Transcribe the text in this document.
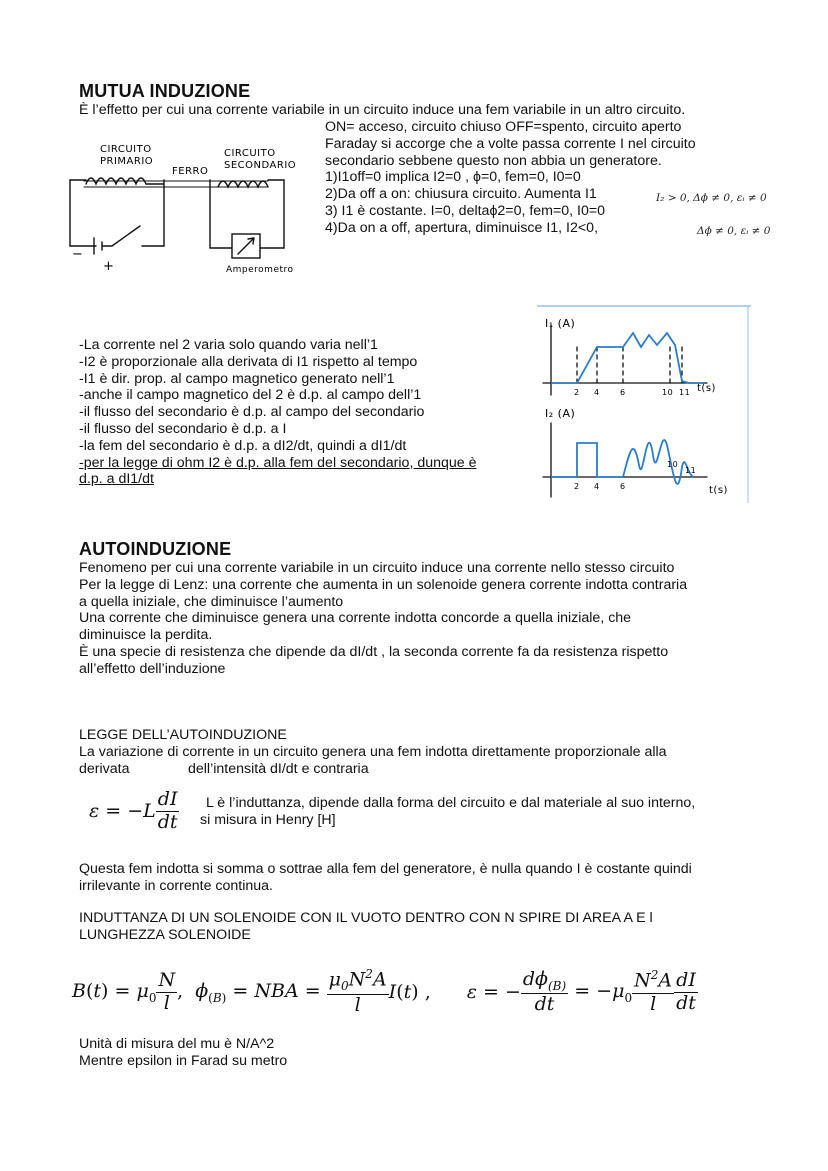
MUTUA INDUZIONE
È l’effetto per cui una corrente variabile in un circuito induce una fem variabile in un altro circuito.
ON= acceso, circuito chiuso OFF=spento, circuito aperto
Faraday si accorge che a volte passa corrente I nel circuito
secondario sebbene questo non abbia un generatore.
1)I1off=0 implica I2=0 , ϕ=0, fem=0, I0=0
2)Da off a on: chiusura circuito. Aumenta I1
3) I1 è costante. I=0, deltaϕ2=0, fem=0, I0=0
4)Da on a off, apertura, diminuisce I1, I2<0,
I₂ > 0, Δϕ ≠ 0, εᵢ ≠ 0
Δϕ ≠ 0, εᵢ ≠ 0
CIRCUITO
PRIMARIO
FERRO
CIRCUITO
SECONDARIO
Amperometro
−
+
-La corrente nel 2 varia solo quando varia nell’1
-I2 è proporzionale alla derivata di I1 rispetto al tempo
-I1 è dir. prop. al campo magnetico generato nell’1
-anche il campo magnetico del 2 è d.p. al campo dell’1
-il flusso del secondario è d.p. al campo del secondario
-il flusso del secondario è d.p. a I
-la fem del secondario è d.p. a dI2/dt, quindi a dI1/dt
-per la legge di ohm I2 è d.p. alla fem del secondario, dunque è
d.p. a dI1/dt
I₁ (A)
t(s)
2 4	6	10 11
I₂ (A)
t(s)
2 4	6
10
11
AUTOINDUZIONE
Fenomeno per cui una corrente variabile in un circuito induce una corrente nello stesso circuito
Per la legge di Lenz: una corrente che aumenta in un solenoide genera corrente indotta contraria
a quella iniziale, che diminuisce l’aumento
Una corrente che diminuisce genera una corrente indotta concorde a quella iniziale, che
diminuisce la perdita.
È una specie di resistenza che dipende da dI/dt , la seconda corrente fa da resistenza rispetto
all’effetto dell’induzione
LEGGE DELL’AUTOINDUZIONE
La variazione di corrente in un circuito genera una fem indotta direttamente proporzionale alla
derivata	dell’intensità dI/dt e contraria
$\varepsilon = -L \frac{dI}{dt}$ L è l’induttanza, dipende dalla forma del circuito e dal materiale al suo interno,
si misura in Henry [H]
Questa fem indotta si somma o sottrae alla fem del generatore, è nulla quando I è costante quindi
irrilevante in corrente continua.
INDUTTANZA DI UN SOLENOIDE CON IL VUOTO DENTRO CON N SPIRE DI AREA A E l
LUNGHEZZA SOLENOIDE
$B(t) = \mu_0 \frac{N}{l}$ ,  $\phi_{(B)}$ = NBA = $\frac{\mu_0N^2A}{l} I(t)$ , ε = − $\frac{d\phi_{(B)}}{dt} = -\mu_0 \frac{N^2A}{l} \frac{dI}{dt}$
Unità di misura del mu è N/A^2
Mentre epsilon in Farad su metro
